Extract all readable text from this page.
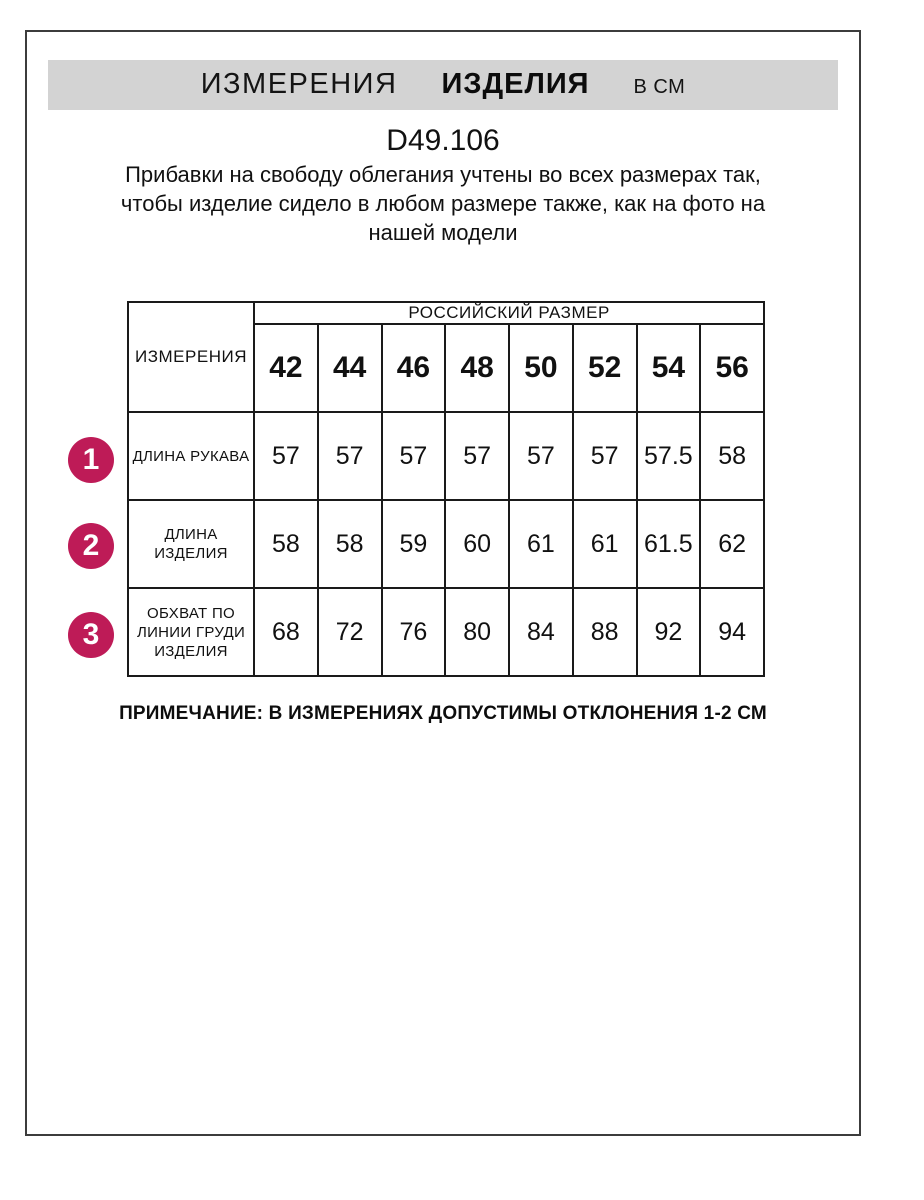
ИЗМЕРЕНИЯ ИЗДЕЛИЯ В СМ
D49.106
Прибавки на свободу облегания учтены во всех размерах так, чтобы изделие сидело в любом размере также, как на фото на нашей модели
ИЗМЕРЕНИЯ	РОССИЙСКИЙ РАЗМЕР							
	42	44	46	48	50	52	54	56
ДЛИНА РУКАВА	57	57	57	57	57	57	57.5	58
ДЛИНА ИЗДЕЛИЯ	58	58	59	60	61	61	61.5	62
ОБХВАТ ПО ЛИНИИ ГРУДИ ИЗДЕЛИЯ	68	72	76	80	84	88	92	94
1
2
3
ПРИМЕЧАНИЕ: В ИЗМЕРЕНИЯХ ДОПУСТИМЫ ОТКЛОНЕНИЯ 1-2 СМ
